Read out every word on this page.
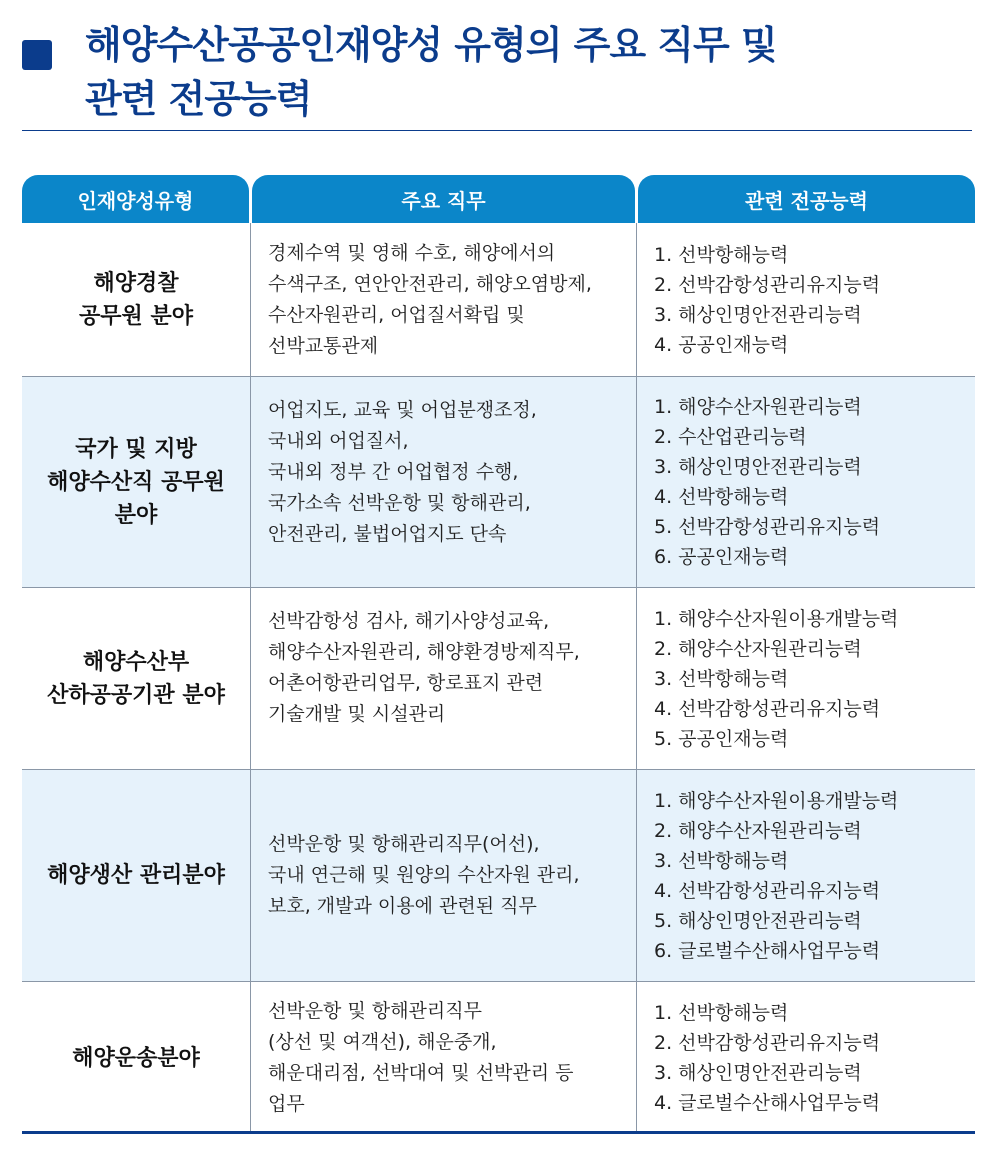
해양수산공공인재양성 유형의 주요 직무 및
관련 전공능력
인재양성유형	주요 직무	관련 전공능력
해양경찰
공무원 분야
경제수역 및 영해 수호, 해양에서의
수색구조, 연안안전관리, 해양오염방제,
수산자원관리, 어업질서확립 및
선박교통관제
1. 선박항해능력
2. 선박감항성관리유지능력
3. 해상인명안전관리능력
4. 공공인재능력
국가 및 지방
해양수산직 공무원
분야
어업지도, 교육 및 어업분쟁조정,
국내외 어업질서,
국내외 정부 간 어업협정 수행,
국가소속 선박운항 및 항해관리,
안전관리, 불법어업지도 단속
1. 해양수산자원관리능력
2. 수산업관리능력
3. 해상인명안전관리능력
4. 선박항해능력
5. 선박감항성관리유지능력
6. 공공인재능력
해양수산부
산하공공기관 분야
선박감항성 검사, 해기사양성교육,
해양수산자원관리, 해양환경방제직무,
어촌어항관리업무, 항로표지 관련
기술개발 및 시설관리
1. 해양수산자원이용개발능력
2. 해양수산자원관리능력
3. 선박항해능력
4. 선박감항성관리유지능력
5. 공공인재능력
해양생산 관리분야
선박운항 및 항해관리직무(어선),
국내 연근해 및 원양의 수산자원 관리,
보호, 개발과 이용에 관련된 직무
1. 해양수산자원이용개발능력
2. 해양수산자원관리능력
3. 선박항해능력
4. 선박감항성관리유지능력
5. 해상인명안전관리능력
6. 글로벌수산해사업무능력
해양운송분야
선박운항 및 항해관리직무
(상선 및 여객선), 해운중개,
해운대리점, 선박대여 및 선박관리 등
업무
1. 선박항해능력
2. 선박감항성관리유지능력
3. 해상인명안전관리능력
4. 글로벌수산해사업무능력
